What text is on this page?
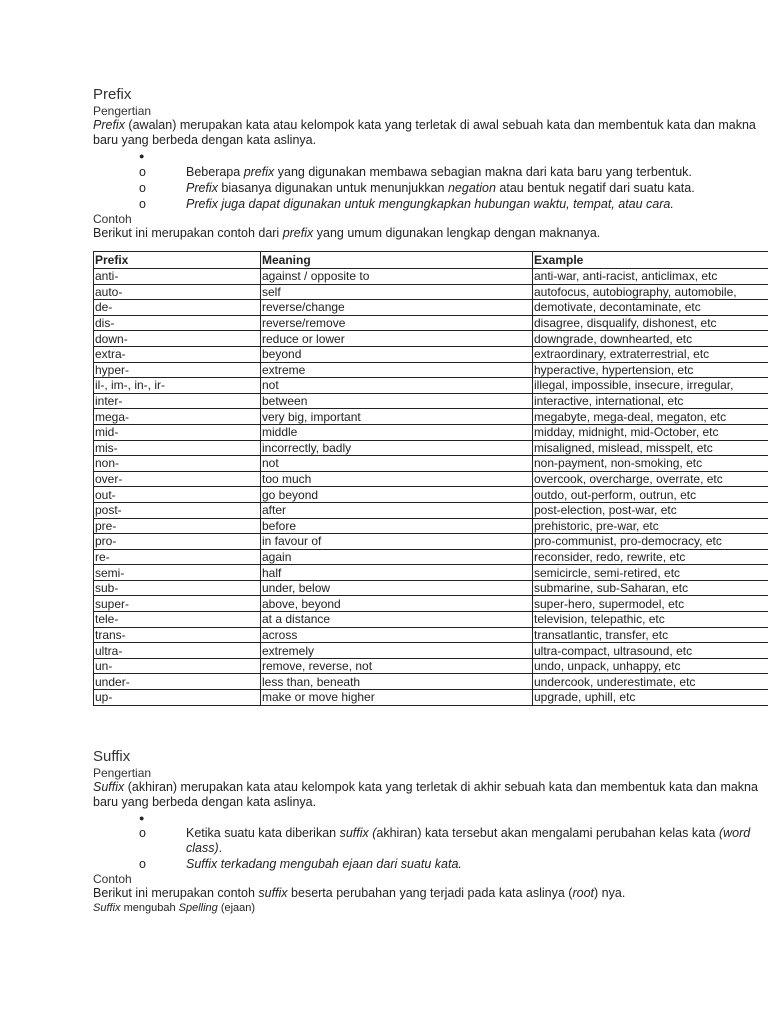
Prefix
Pengertian
Prefix (awalan) merupakan kata atau kelompok kata yang terletak di awal sebuah kata dan membentuk kata dan makna baru yang berbeda dengan kata aslinya.
●
o	Beberapa prefix yang digunakan membawa sebagian makna dari kata baru yang terbentuk.
o	Prefix biasanya digunakan untuk menunjukkan negation atau bentuk negatif dari suatu kata.
o	Prefix juga dapat digunakan untuk mengungkapkan hubungan waktu, tempat, atau cara.
Contoh
Berikut ini merupakan contoh dari prefix yang umum digunakan lengkap dengan maknanya.
Prefix	Meaning	Example
anti-	against / opposite to	anti-war, anti-racist, anticlimax, etc
auto-	self	autofocus, autobiography, automobile,
de-	reverse/change	demotivate, decontaminate, etc
dis-	reverse/remove	disagree, disqualify, dishonest, etc
down-	reduce or lower	downgrade, downhearted, etc
extra-	beyond	extraordinary, extraterrestrial, etc
hyper-	extreme	hyperactive, hypertension, etc
il-, im-, in-, ir-	not	illegal, impossible, insecure, irregular,
inter-	between	interactive, international, etc
mega-	very big, important	megabyte, mega-deal, megaton, etc
mid-	middle	midday, midnight, mid-October, etc
mis-	incorrectly, badly	misaligned, mislead, misspelt, etc
non-	not	non-payment, non-smoking, etc
over-	too much	overcook, overcharge, overrate, etc
out-	go beyond	outdo, out-perform, outrun, etc
post-	after	post-election, post-war, etc
pre-	before	prehistoric, pre-war, etc
pro-	in favour of	pro-communist, pro-democracy, etc
re-	again	reconsider, redo, rewrite, etc
semi-	half	semicircle, semi-retired, etc
sub-	under, below	submarine, sub-Saharan, etc
super-	above, beyond	super-hero, supermodel, etc
tele-	at a distance	television, telepathic, etc
trans-	across	transatlantic, transfer, etc
ultra-	extremely	ultra-compact, ultrasound, etc
un-	remove, reverse, not	undo, unpack, unhappy, etc
under-	less than, beneath	undercook, underestimate, etc
up-	make or move higher	upgrade, uphill, etc
Suffix
Pengertian
Suffix (akhiran) merupakan kata atau kelompok kata yang terletak di akhir sebuah kata dan membentuk kata dan makna baru yang berbeda dengan kata aslinya.
●
o	Ketika suatu kata diberikan suffix (akhiran) kata tersebut akan mengalami perubahan kelas kata (word class).
o	Suffix terkadang mengubah ejaan dari suatu kata.
Contoh
Berikut ini merupakan contoh suffix beserta perubahan yang terjadi pada kata aslinya (root) nya.
Suffix mengubah Spelling (ejaan)
